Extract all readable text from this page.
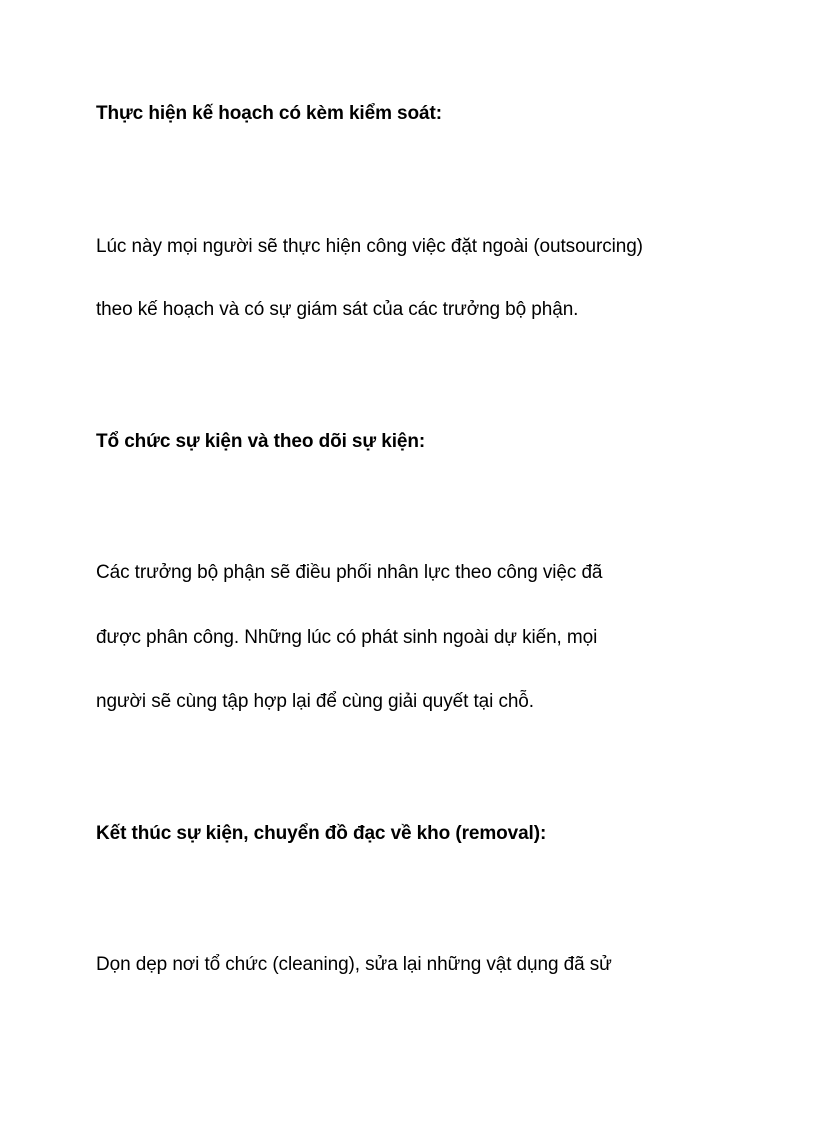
Thực hiện kế hoạch có kèm kiểm soát:
Lúc này mọi người sẽ thực hiện công việc đặt ngoài (outsourcing)
theo kế hoạch và có sự giám sát của các trưởng bộ phận.
Tổ chức sự kiện và theo dõi sự kiện:
Các trưởng bộ phận sẽ điều phối nhân lực theo công việc đã
được phân công. Những lúc có phát sinh ngoài dự kiến, mọi
người sẽ cùng tập hợp lại để cùng giải quyết tại chỗ.
Kết thúc sự kiện, chuyển đồ đạc về kho (removal):
Dọn dẹp nơi tổ chức (cleaning), sửa lại những vật dụng đã sử
